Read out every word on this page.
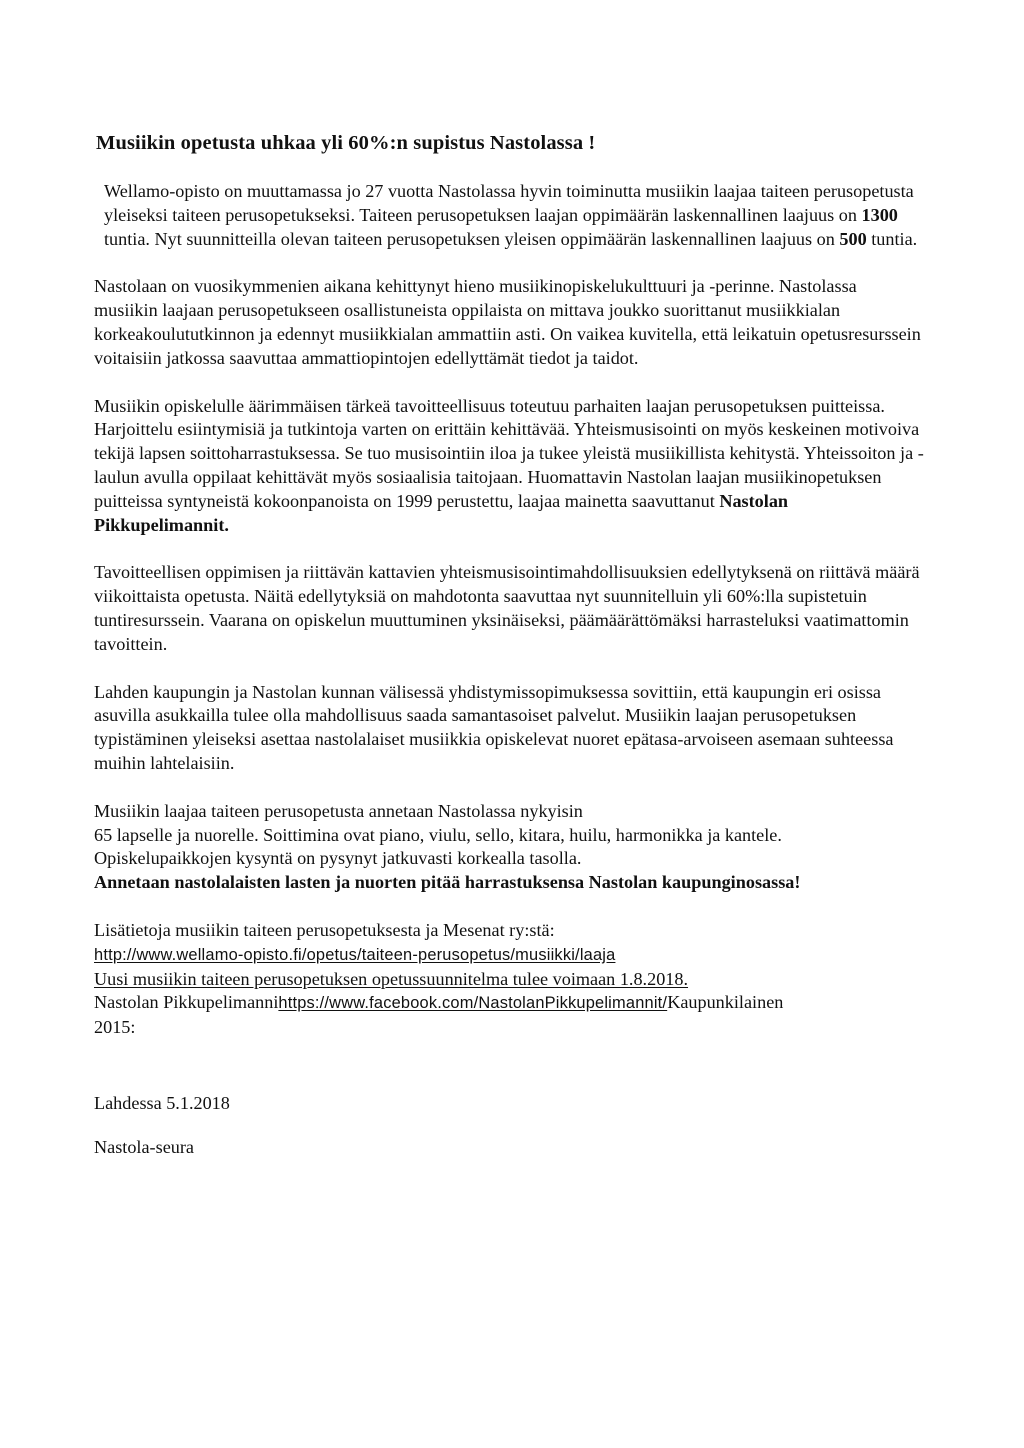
Musiikin opetusta uhkaa yli 60%:n supistus Nastolassa !

Wellamo-opisto on muuttamassa jo 27 vuotta Nastolassa hyvin toiminutta musiikin laajaa taiteen perusopetusta yleiseksi taiteen perusopetukseksi. Taiteen perusopetuksen laajan oppimäärän laskennallinen laajuus on 1300 tuntia. Nyt suunnitteilla olevan taiteen perusopetuksen yleisen oppimäärän laskennallinen laajuus on 500 tuntia.

Nastolaan on vuosikymmenien aikana kehittynyt hieno musiikinopiskelukulttuuri ja -perinne. Nastolassa musiikin laajaan perusopetukseen osallistuneista oppilaista on mittava joukko suorittanut musiikkialan korkeakoulututkinnon ja edennyt musiikkialan ammattiin asti. On vaikea kuvitella, että leikatuin opetusresurssein voitaisiin jatkossa saavuttaa ammattiopintojen edellyttämät tiedot ja taidot.

Musiikin opiskelulle äärimmäisen tärkeä tavoitteellisuus toteutuu parhaiten laajan perusopetuksen puitteissa. Harjoittelu esiintymisiä ja tutkintoja varten on erittäin kehittävää. Yhteismusisointi on myös keskeinen motivoiva tekijä lapsen soittoharrastuksessa. Se tuo musisointiin iloa ja tukee yleistä musiikillista kehitystä. Yhteissoiton ja -laulun avulla oppilaat kehittävät myös sosiaalisia taitojaan. Huomattavin Nastolan laajan musiikinopetuksen puitteissa syntyneistä kokoonpanoista on 1999 perustettu, laajaa mainetta saavuttanut Nastolan Pikkupelimannit.

Tavoitteellisen oppimisen ja riittävän kattavien yhteismusisointimahdollisuuksien edellytyksenä on riittävä määrä viikoittaista opetusta. Näitä edellytyksiä on mahdotonta saavuttaa nyt suunnitelluin yli 60%:lla supistetuin tuntiresurssein. Vaarana on opiskelun muuttuminen yksinäiseksi, päämäärättömäksi harrasteluksi vaatimattomin tavoittein.

Lahden kaupungin ja Nastolan kunnan välisessä yhdistymissopimuksessa sovittiin, että kaupungin eri osissa asuvilla asukkailla tulee olla mahdollisuus saada samantasoiset palvelut. Musiikin laajan perusopetuksen typistäminen yleiseksi asettaa nastolalaiset musiikkia opiskelevat nuoret epätasa-arvoiseen asemaan suhteessa muihin lahtelaisiin.

Musiikin laajaa taiteen perusopetusta annetaan Nastolassa nykyisin
65 lapselle ja nuorelle. Soittimina ovat piano, viulu, sello, kitara, huilu, harmonikka ja kantele.
Opiskelupaikkojen kysyntä on pysynyt jatkuvasti korkealla tasolla.
Annetaan nastolalaisten lasten ja nuorten pitää harrastuksensa Nastolan kaupunginosassa!

Lisätietoja musiikin taiteen perusopetuksesta ja Mesenat ry:stä:
http://www.wellamo-opisto.fi/opetus/taiteen-perusopetus/musiikki/laaja
Uusi musiikin taiteen perusopetuksen opetussuunnitelma tulee voimaan 1.8.2018.
Nastolan Pikkupelimannihttps://www.facebook.com/NastolanPikkupelimannit/Kaupunkilainen
2015:

Lahdessa 5.1.2018

Nastola-seura
